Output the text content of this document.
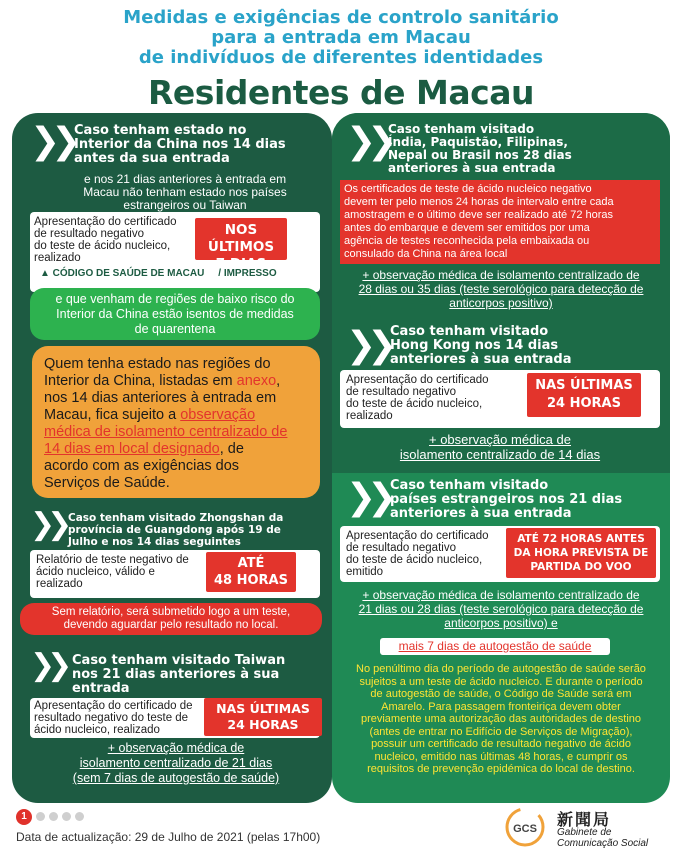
Medidas e exigências de controlo sanitário
para a entrada em Macau
de indivíduos de diferentes identidades
Residentes de Macau
❯❯ Caso tenham estado no
Interior da China nos 14 dias
antes da sua entrada
e nos 21 dias anteriores à entrada em
Macau não tenham estado nos países
estrangeiros ou Taiwan
Apresentação do certificado
de resultado negativo
do teste de ácido nucleico,
realizado
NOS ÚLTIMOS
7 DIAS
▲ CÓDIGO DE SAÚDE DE MACAU / IMPRESSO
e que venham de regiões de baixo risco do
Interior da China estão isentos de medidas
de quarentena
Quem tenha estado nas regiões do
Interior da China, listadas em anexo,
nos 14 dias anteriores à entrada em
Macau, fica sujeito a observação
médica de isolamento centralizado de
14 dias em local designado, de
acordo com as exigências dos
Serviços de Saúde.
❯❯ Caso tenham visitado Zhongshan da
província de Guangdong após 19 de
Julho e nos 14 dias seguintes
Relatório de teste negativo de
ácido nucleico, válido e
realizado
ATÉ
48 HORAS
Sem relatório, será submetido logo a um teste,
devendo aguardar pelo resultado no local.
❯❯ Caso tenham visitado Taiwan
nos 21 dias anteriores à sua
entrada
Apresentação do certificado de
resultado negativo do teste de
ácido nucleico, realizado
NAS ÚLTIMAS
24 HORAS
+ observação médica de
isolamento centralizado de 21 dias
(sem 7 dias de autogestão de saúde)
❯❯ Caso tenham visitado
Índia, Paquistão, Filipinas,
Nepal ou Brasil nos 28 dias
anteriores à sua entrada
Os certificados de teste de ácido nucleico negativo
devem ter pelo menos 24 horas de intervalo entre cada
amostragem e o último deve ser realizado até 72 horas
antes do embarque e devem ser emitidos por uma
agência de testes reconhecida pela embaixada ou
consulado da China na área local
+ observação médica de isolamento centralizado de
28 dias ou 35 dias (teste serológico para detecção de
anticorpos positivo)
❯❯ Caso tenham visitado
Hong Kong nos 14 dias
anteriores à sua entrada
Apresentação do certificado
de resultado negativo
do teste de ácido nucleico,
realizado
NAS ÚLTIMAS
24 HORAS
+ observação médica de
isolamento centralizado de 14 dias
❯❯ Caso tenham visitado
países estrangeiros nos 21 dias
anteriores à sua entrada
Apresentação do certificado
de resultado negativo
do teste de ácido nucleico,
emitido
ATÉ 72 HORAS ANTES
DA HORA PREVISTA DE
PARTIDA DO VOO
+ observação médica de isolamento centralizado de
21 dias ou 28 dias (teste serológico para detecção de
anticorpos positivo) e
mais 7 dias de autogestão de saúde
No penúltimo dia do período de autogestão de saúde serão
sujeitos a um teste de ácido nucleico. E durante o período
de autogestão de saúde, o Código de Saúde será em
Amarelo. Para passagem fronteiriça devem obter
previamente uma autorização das autoridades de destino
(antes de entrar no Edifício de Serviços de Migração),
possuir um certificado de resultado negativo de ácido
nucleico, emitido nas últimas 48 horas, e cumprir os
requisitos de prevenção epidémica do local de destino.
1
Data de actualização: 29 de Julho de 2021 (pelas 17h00)
GCS 新聞局
Gabinete de
Comunicação Social
